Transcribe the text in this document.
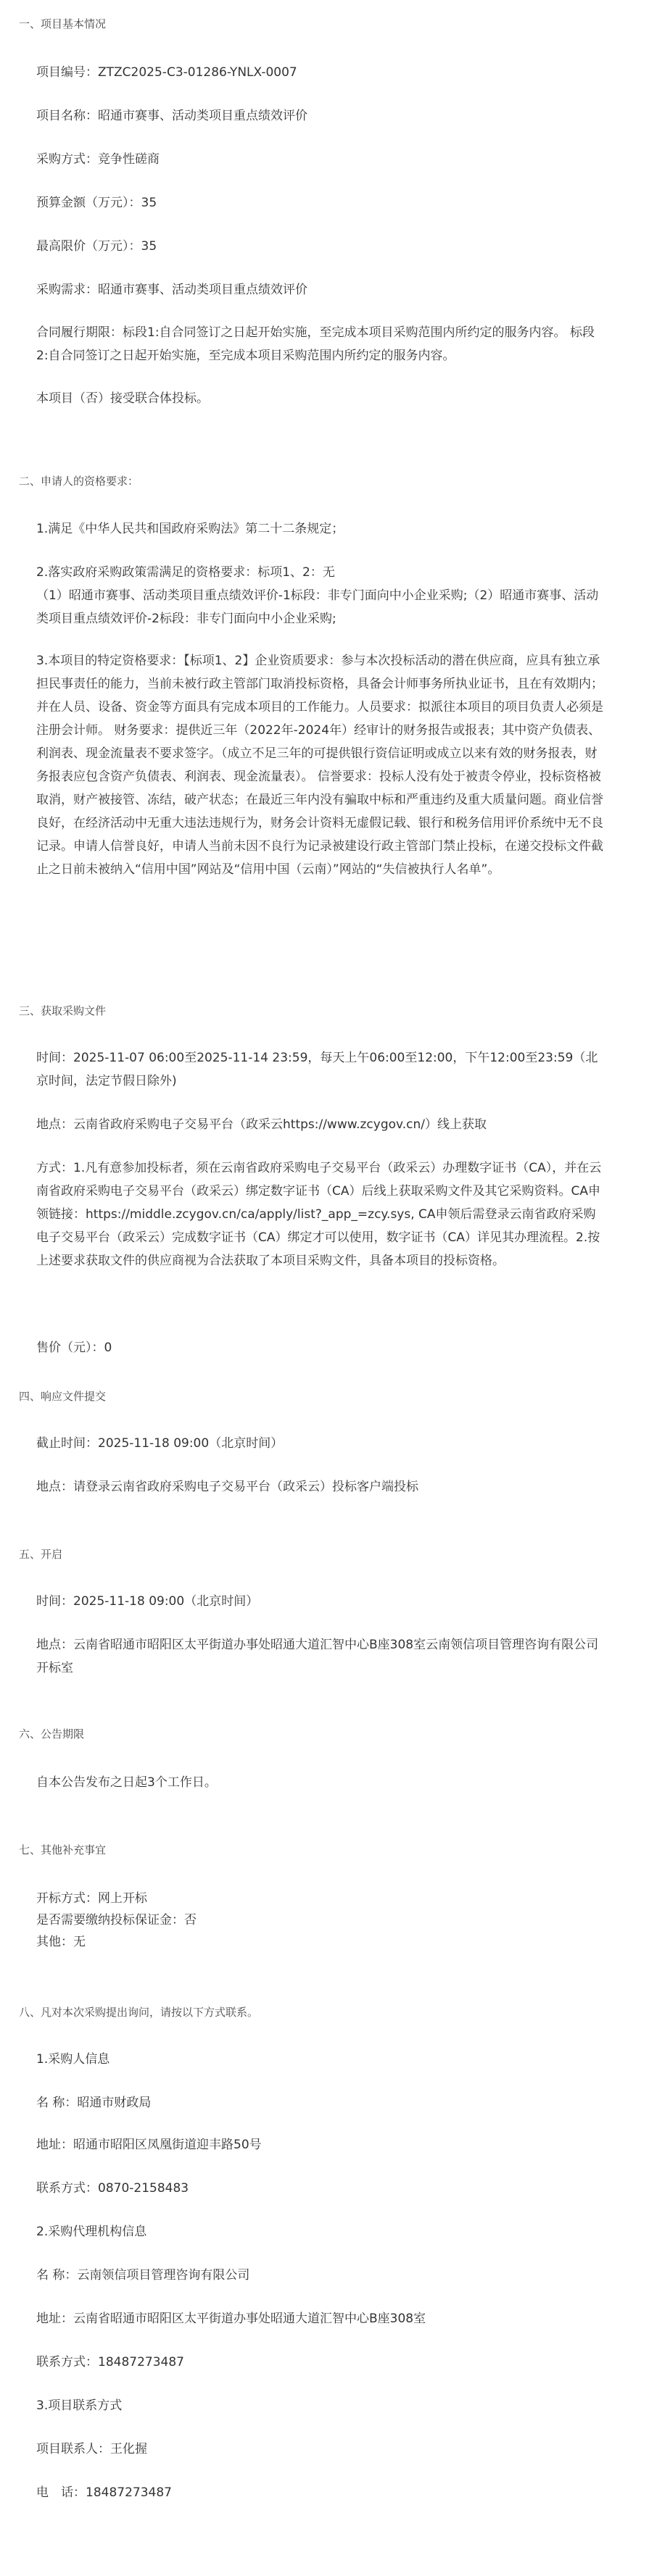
一、项目基本情况
项目编号：ZTZC2025-C3-01286-YNLX-0007
项目名称：昭通市赛事、活动类项目重点绩效评价
采购方式：竞争性磋商
预算金额（万元）：35
最高限价（万元）：35
采购需求：昭通市赛事、活动类项目重点绩效评价
合同履行期限：标段1:自合同签订之日起开始实施，至完成本项目采购范围内所约定的服务内容。 标段2:自合同签订之日起开始实施，至完成本项目采购范围内所约定的服务内容。
本项目（否）接受联合体投标。
二、申请人的资格要求：
1.满足《中华人民共和国政府采购法》第二十二条规定；
2.落实政府采购政策需满足的资格要求：标项1、2：无
（1）昭通市赛事、活动类项目重点绩效评价-1标段：非专门面向中小企业采购;（2）昭通市赛事、活动类项目重点绩效评价-2标段：非专门面向中小企业采购;
3.本项目的特定资格要求：【标项1、2】企业资质要求：参与本次投标活动的潜在供应商，应具有独立承担民事责任的能力，当前未被行政主管部门取消投标资格，具备会计师事务所执业证书，且在有效期内；并在人员、设备、资金等方面具有完成本项目的工作能力。人员要求：拟派往本项目的项目负责人必须是注册会计师。 财务要求：提供近三年（2022年-2024年）经审计的财务报告或报表；其中资产负债表、利润表、现金流量表不要求签字。（成立不足三年的可提供银行资信证明或成立以来有效的财务报表，财务报表应包含资产负债表、利润表、现金流量表）。 信誉要求：投标人没有处于被责令停业，投标资格被取消，财产被接管、冻结，破产状态；在最近三年内没有骗取中标和严重违约及重大质量问题。商业信誉良好，在经济活动中无重大违法违规行为，财务会计资料无虚假记载、银行和税务信用评价系统中无不良记录。申请人信誉良好，申请人当前未因不良行为记录被建设行政主管部门禁止投标，在递交投标文件截止之日前未被纳入“信用中国”网站及“信用中国（云南）”网站的“失信被执行人名单”。
三、获取采购文件
时间：2025-11-07 06:00至2025-11-14 23:59，每天上午06:00至12:00，下午12:00至23:59（北京时间，法定节假日除外)
地点：云南省政府采购电子交易平台（政采云https://www.zcygov.cn/）线上获取
方式：1.凡有意参加投标者，须在云南省政府采购电子交易平台（政采云）办理数字证书（CA），并在云南省政府采购电子交易平台（政采云）绑定数字证书（CA）后线上获取采购文件及其它采购资料。CA申领链接：https://middle.zcygov.cn/ca/apply/list?_app_=zcy.sys, CA申领后需登录云南省政府采购电子交易平台（政采云）完成数字证书（CA）绑定才可以使用，数字证书（CA）详见其办理流程。2.按上述要求获取文件的供应商视为合法获取了本项目采购文件，具备本项目的投标资格。
售价（元）：0
四、响应文件提交
截止时间：2025-11-18 09:00（北京时间）
地点：请登录云南省政府采购电子交易平台（政采云）投标客户端投标
五、开启
时间：2025-11-18 09:00（北京时间）
地点：云南省昭通市昭阳区太平街道办事处昭通大道汇智中心B座308室云南领信项目管理咨询有限公司开标室
六、公告期限
自本公告发布之日起3个工作日。
七、其他补充事宜
开标方式：网上开标
是否需要缴纳投标保证金：否
其他：无
八、凡对本次采购提出询问，请按以下方式联系。
1.采购人信息
名 称：昭通市财政局
地址：昭通市昭阳区凤凰街道迎丰路50号
联系方式：0870-2158483
2.采购代理机构信息
名 称：云南领信项目管理咨询有限公司
地址：云南省昭通市昭阳区太平街道办事处昭通大道汇智中心B座308室
联系方式：18487273487
3.项目联系方式
项目联系人：王化握
电　话：18487273487
